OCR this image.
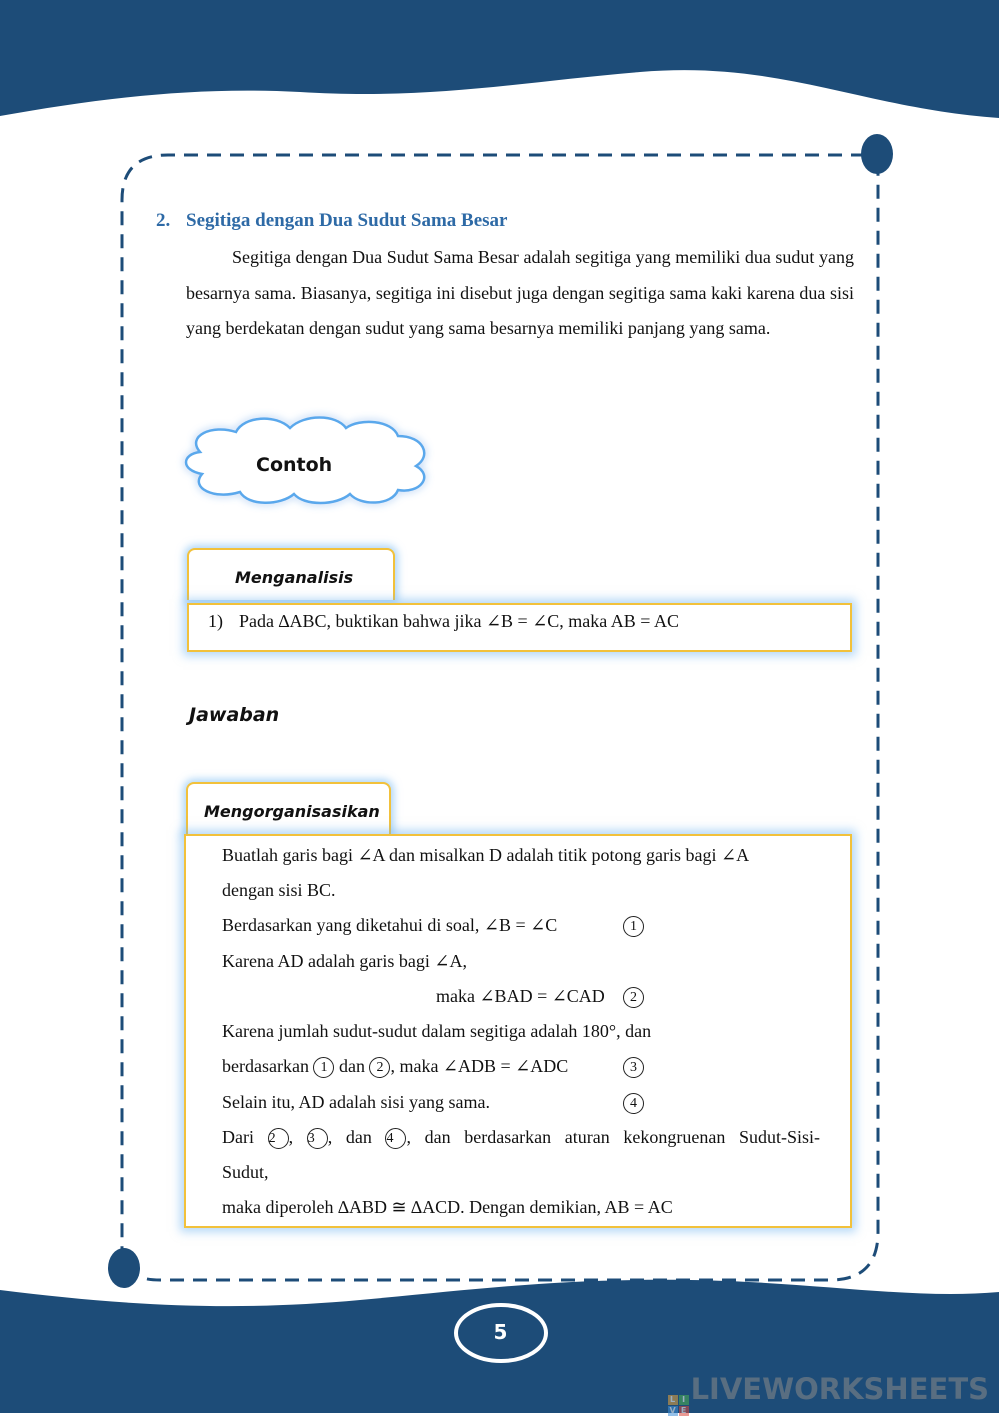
2. Segitiga dengan Dua Sudut Sama Besar
Segitiga dengan Dua Sudut Sama Besar adalah segitiga yang memiliki dua sudut yang besarnya sama. Biasanya, segitiga ini disebut juga dengan segitiga sama kaki karena dua sisi yang berdekatan dengan sudut yang sama besarnya memiliki panjang yang sama.
Contoh
Menganalisis
1) Pada ∆ABC, buktikan bahwa jika ∠B = ∠C, maka AB = AC
Jawaban
Mengorganisasikan
Buatlah garis bagi ∠A dan misalkan D adalah titik potong garis bagi ∠A
dengan sisi BC.
Berdasarkan yang diketahui di soal, ∠B = ∠C	1
Karena AD adalah garis bagi ∠A,
maka ∠BAD = ∠CAD	2
Karena jumlah sudut-sudut dalam segitiga adalah 180°, dan
berdasarkan 1 dan 2 , maka ∠ADB = ∠ADC	3
Selain itu, AD adalah sisi yang sama.	4
Dari 2 , 3 , dan 4 , dan berdasarkan aturan kekongruenan Sudut-Sisi-
Sudut,
maka diperoleh ∆ABD ≅ ∆ACD. Dengan demikian, AB = AC
5
L I
V E
LIVEWORKSHEETS
